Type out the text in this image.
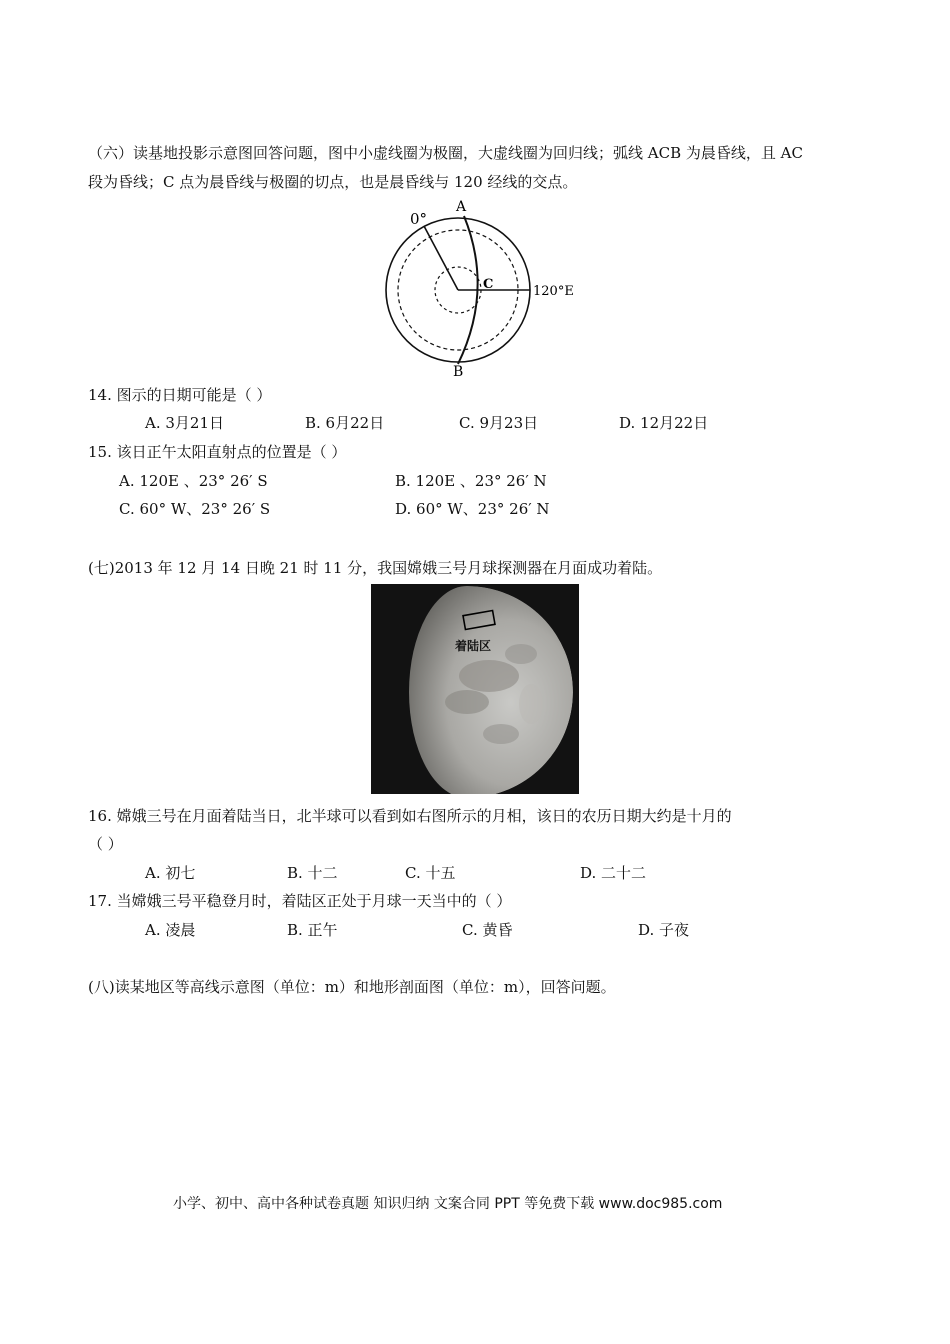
（六）读基地投影示意图回答问题，图中小虚线圈为极圈，大虚线圈为回归线；弧线 ACB 为晨昏线，且 AC
段为昏线；C 点为晨昏线与极圈的切点，也是晨昏线与 120 经线的交点。
0°
A
C	120°E
B
14. 图示的日期可能是（ ）
A. 3月21日	B. 6月22日	C. 9月23日	D. 12月22日
15. 该日正午太阳直射点的位置是（ ）
A. 120E 、23° 26′ S	B. 120E 、23° 26′ N
C. 60° W、23° 26′ S	D. 60° W、23° 26′ N
(七)2013 年 12 月 14 日晚 21 时 11 分，我国嫦娥三号月球探测器在月面成功着陆。
着陆区
16. 嫦娥三号在月面着陆当日，北半球可以看到如右图所示的月相，该日的农历日期大约是十月的
（ ）
A. 初七	B. 十二	C. 十五	D. 二十二
17. 当嫦娥三号平稳登月时，着陆区正处于月球一天当中的（ ）
A. 凌晨	B. 正午	C. 黄昏	D. 子夜
(八)读某地区等高线示意图（单位：m）和地形剖面图（单位：m），回答问题。
小学、初中、高中各种试卷真题 知识归纳 文案合同 PPT 等免费下载 www.doc985.com
